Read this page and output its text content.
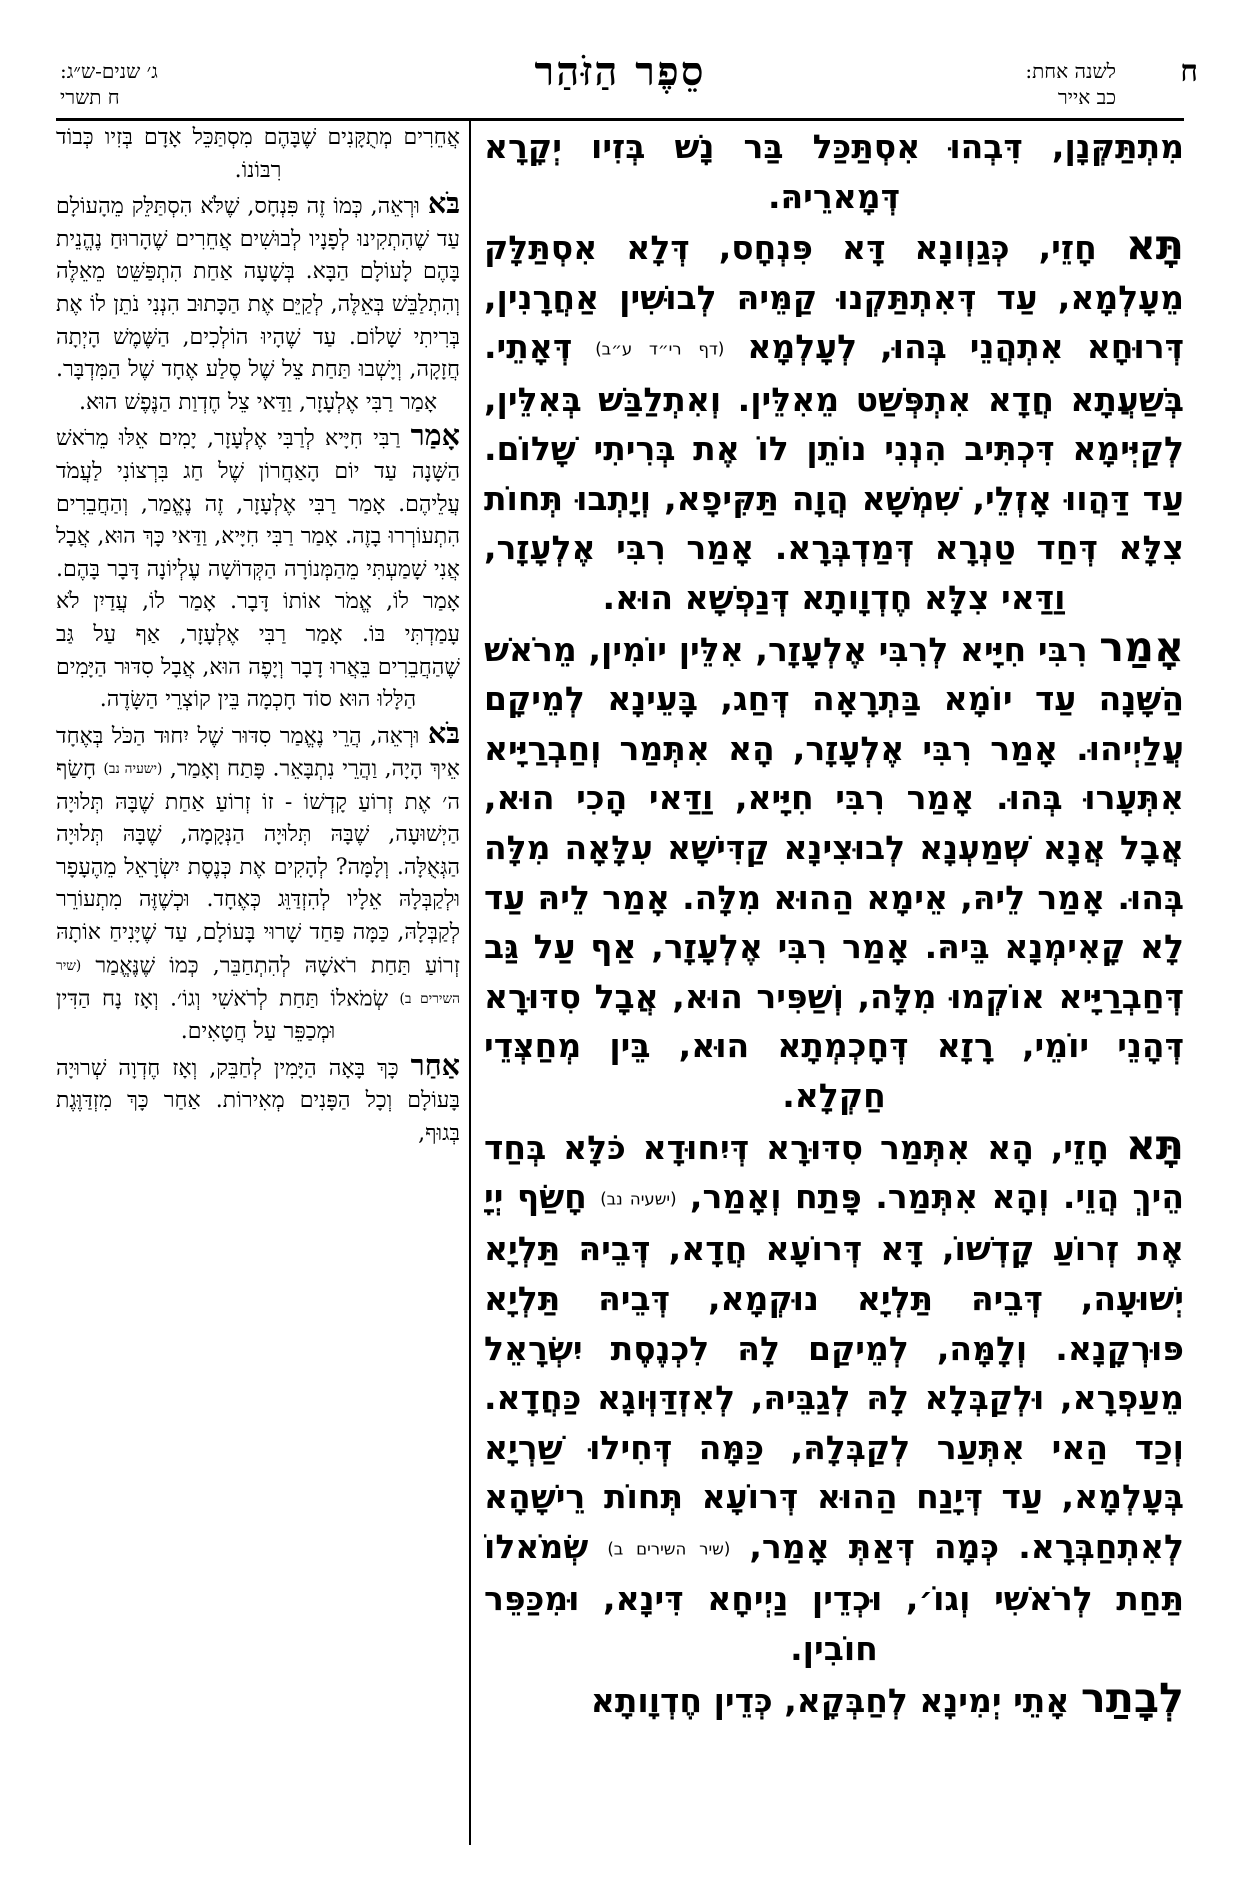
ח
לשנה אחת:
כב אייר
סֵפֶר הַזֹּהַר
ג׳ שנים-ש״ג:
ח תשרי

מִתְתַּקְּנָן, דִּבְהוּ אִסְתַּכַּל בַּר נָשׁ בְּזִיו יְקָרָא דְּמָארֵיהּ.

תָּא חָזֵי, כְּגַוְונָא דָּא פִּנְחָס, דְּלָא אִסְתַּלָּק מֵעָלְמָא, עַד דְּאִתְתַּקְנוּ קַמֵּיהּ לְבוּשִׁין אַחֲרָנִין, דְּרוּחָא אִתְהֲנֵי בְּהוּ, לְעָלְמָא (דף רי״ד ע״ב) דְּאָתֵי. בְּשַׁעֲתָא חֲדָא אִתְפְּשַׁט מֵאִלֵּין. וְאִתְלַבַּשׁ בְּאִלֵּין, לְקַיְּימָא דִּכְתִּיב הִנְנִי נוֹתֵן לוֹ אֶת בְּרִיתִי שָׁלוֹם. עַד דַּהֲווּ אָזְלֵי, שִׁמְשָׁא הֲוָה תַּקִּיפָא, וְיָתְבוּ תְּחוֹת צִלָּא דְּחַד טַנְרָא דְּמַדְבְּרָא. אָמַר רִבִּי אֶלְעָזָר, וַדַּאי צִלָּא חֶדְוָותָא דְּנַפְשָׁא הוּא.

אָמַר רִבִּי חִיָּיא לְרִבִּי אֶלְעָזָר, אִלֵּין יוֹמִין, מֵרֹאשׁ הַשָּׁנָה עַד יוֹמָא בַּתְרָאָה דְּחַג, בָּעֵינָא לְמֵיקָם עֲלַיְיהוּ. אָמַר רִבִּי אֶלְעָזָר, הָא אִתְּמַר וְחַבְרַיָּיא אִתְּעָרוּ בְּהוּ. אָמַר רִבִּי חִיָּיא, וַדַּאי הָכִי הוּא, אֲבָל אֲנָא שְׁמַעְנָא לְבוּצִינָא קַדִּישָׁא עִלָּאָה מִלָּה בְּהוּ. אָמַר לֵיהּ, אֵימָא הַהוּא מִלָּה. אָמַר לֵיהּ עַד לָא קָאִימְנָא בֵּיהּ. אָמַר רִבִּי אֶלְעָזָר, אַף עַל גַּב דְּחַבְרַיָּיא אוֹקְמוּ מִלָּה, וְשַׁפִּיר הוּא, אֲבָל סִדּוּרָא דְּהָנֵי יוֹמֵי, רָזָא דְּחָכְמְתָא הוּא, בֵּין מְחַצְּדֵי חַקְלָא.

תָּא חָזֵי, הָא אִתְּמַר סִדּוּרָא דְּיִחוּדָא כֹּלָּא בְּחַד הֵיךְ הֲוֵי. וְהָא אִתְּמַר. פָּתַח וְאָמַר, (ישעיה נב) חָשַׂף יְיָ אֶת זְרוֹעַ קָדְשׁוֹ, דָּא דְּרוֹעָא חֲדָא, דְּבֵיהּ תַּלְיָא יְשׁוּעָה, דְּבֵיהּ תַּלְיָא נוּקְמָא, דְּבֵיהּ תַּלְיָא פּוּרְקָנָא. וְלָמָּה, לְמֵיקַם לָהּ לִכְנֶסֶת יִשְׂרָאֵל מֵעַפְרָא, וּלְקַבְּלָא לָהּ לְגַבֵּיהּ, לְאִזְדַּוְּוגָא כַּחֲדָא. וְכַד הַאי אִתְּעַר לְקַבְּלָהּ, כַּמָּה דְּחִילוּ שַׁרְיָא בְּעָלְמָא, עַד דְּיָנַח הַהוּא דְּרוֹעָא תְּחוֹת רֵישָׁהָא לְאִתְחַבְּרָא. כְּמָה דְּאַתְּ אָמַר, (שיר השירים ב) שְׂמֹאלוֹ תַּחַת לְרֹאשִׁי וְגוֹ׳, וּכְדֵין נַיְיחָא דִּינָא, וּמִכַּפֵּר חוֹבִין.

לְבָתַר אָתֵי יְמִינָא לְחַבְּקָא, כְּדֵין חֶדְוָותָא

אֲחֵרִים מְתֻקָּנִים שֶׁבָּהֶם מִסְתַּכֵּל אָדָם בְּזִיו כְּבוֹד רִבּוֹנוֹ.

בֹּא וּרְאֵה, כְּמוֹ זֶה פִּנְחָס, שֶׁלֹּא הִסְתַּלֵּק מֵהָעוֹלָם עַד שֶׁהִתְקִינוּ לְפָנָיו לְבוּשִׁים אֲחֵרִים שֶׁהָרוּחַ נֶהֱנֵית בָּהֶם לָעוֹלָם הַבָּא. בְּשָׁעָה אַחַת הִתְפַּשֵּׁט מֵאֵלֶּה וְהִתְלַבֵּשׁ בְּאֵלֶּה, לְקַיֵּם אֶת הַכָּתוּב הִנְנִי נֹתֵן לוֹ אֶת בְּרִיתִי שָׁלוֹם. עַד שֶׁהָיוּ הוֹלְכִים, הַשֶּׁמֶשׁ הָיְתָה חֲזָקָה, וְיָשְׁבוּ תַּחַת צֵל שֶׁל סֶלַע אֶחָד שֶׁל הַמִּדְבָּר. אָמַר רַבִּי אֶלְעָזָר, וַדַּאי צֵל חֶדְוַת הַנֶּפֶשׁ הוּא.

אָמַר רַבִּי חִיָּיא לְרַבִּי אֶלְעָזָר, יָמִים אֵלּוּ מֵרֹאשׁ הַשָּׁנָה עַד יוֹם הָאַחֲרוֹן שֶׁל חַג בִּרְצוֹנִי לַעֲמֹד עֲלֵיהֶם. אָמַר רַבִּי אֶלְעָזָר, זֶה נֶאֱמַר, וְהַחֲבֵרִים הִתְעוֹרְרוּ בָזֶה. אָמַר רַבִּי חִיָּיא, וַדַּאי כָּךְ הוּא, אֲבָל אֲנִי שָׁמַעְתִּי מֵהַמְּנוֹרָה הַקְּדוֹשָׁה עֶלְיוֹנָה דָּבָר בָּהֶם. אָמַר לוֹ, אֱמֹר אוֹתוֹ דָּבָר. אָמַר לוֹ, עֲדַיִן לֹא עָמַדְתִּי בּוֹ. אָמַר רַבִּי אֶלְעָזָר, אַף עַל גַּב שֶׁהַחֲבֵרִים בֵּאֲרוּ דָבָר וְיָפֶה הוּא, אֲבָל סִדּוּר הַיָּמִים הַלָּלוּ הוּא סוֹד חָכְמָה בֵּין קוֹצְרֵי הַשָּׂדֶה.

בֹּא וּרְאֵה, הֲרֵי נֶאֱמַר סִדּוּר שֶׁל יִחוּד הַכֹּל בְּאֶחָד אֵיךְ הָיָה, וַהֲרֵי נִתְבָּאֵר. פָּתַח וְאָמַר, (ישעיה נב) חָשַׂף ה׳ אֶת זְרוֹעַ קָדְשׁוֹ - זוֹ זְרוֹעַ אַחַת שֶׁבָּהּ תְּלוּיָה הַיְשׁוּעָה, שֶׁבָּהּ תְּלוּיָה הַנְּקָמָה, שֶׁבָּהּ תְּלוּיָה הַגְּאֻלָּה. וְלָמָּה? לְהָקִים אֶת כְּנֶסֶת יִשְׂרָאֵל מֵהֶעָפָר וּלְקַבְּלָהּ אֵלָיו לְהִזְדַּוֵּג כְּאֶחָד. וּכְשֶׁזֶּה מִתְעוֹרֵר לְקַבְּלָהּ, כַּמָּה פַּחַד שָׁרוּי בָּעוֹלָם, עַד שֶׁיָּנִיחַ אוֹתָהּ זְרוֹעַ תַּחַת רֹאשָׁהּ לְהִתְחַבֵּר, כְּמוֹ שֶׁנֶּאֱמַר (שיר השירים ב) שְׂמֹאלוֹ תַּחַת לְרֹאשִׁי וְגוֹ׳. וְאָז נָח הַדִּין וּמְכַפֵּר עַל חֲטָאִים.

אַחַר כָּךְ בָּאָה הַיָּמִין לְחַבֵּק, וְאָז חֶדְוָה שְׁרוּיָה בָּעוֹלָם וְכָל הַפָּנִים מְאִירוֹת. אַחַר כָּךְ מִזְדַּוֶּגֶת בְּגוּף,
